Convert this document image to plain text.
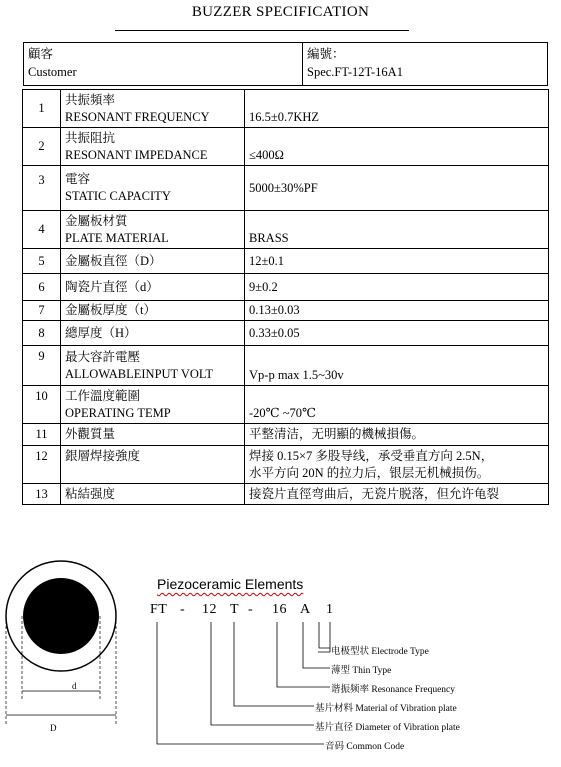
BUZZER SPECIFICATION
顧客
Customer
編號：
Spec.FT-12T-16A1
1	共振頻率
RESONANT FREQUENCY	16.5±0.7KHZ
2	共振阻抗
RESONANT IMPEDANCE	≤400Ω
3	電容
STATIC CAPACITY	5000±30%PF
4	金屬板材質
PLATE MATERIAL	BRASS
5	金屬板直徑（D）	12±0.1
6	陶瓷片直徑（d）	9±0.2
7	金屬板厚度（t）	0.13±0.03
8	總厚度（H）	0.33±0.05
9	最大容許電壓
ALLOWABLEINPUT VOLT	Vp-p max 1.5~30v
10	工作溫度範圍
OPERATING TEMP	-20℃ ~70℃
11	外觀質量	平整清洁，无明顯的機械損傷。
12	銀層焊接強度	焊接 0.15×7 多股导线，承受垂直方向 2.5N，
水平方向 20N 的拉力后，银层无机械损伤。

13	粘結强度	接瓷片直徑弯曲后，无瓷片脱落，但允许龟裂
d
D
Piezoceramic Elements
FT - 12 T - 16 A 1
电极型状 Electrode Type
薄型 Thin Type
谐振频率 Resonance Frequency
基片材料 Material of Vibration plate
基片直径 Diameter of Vibration plate
音码 Common Code
